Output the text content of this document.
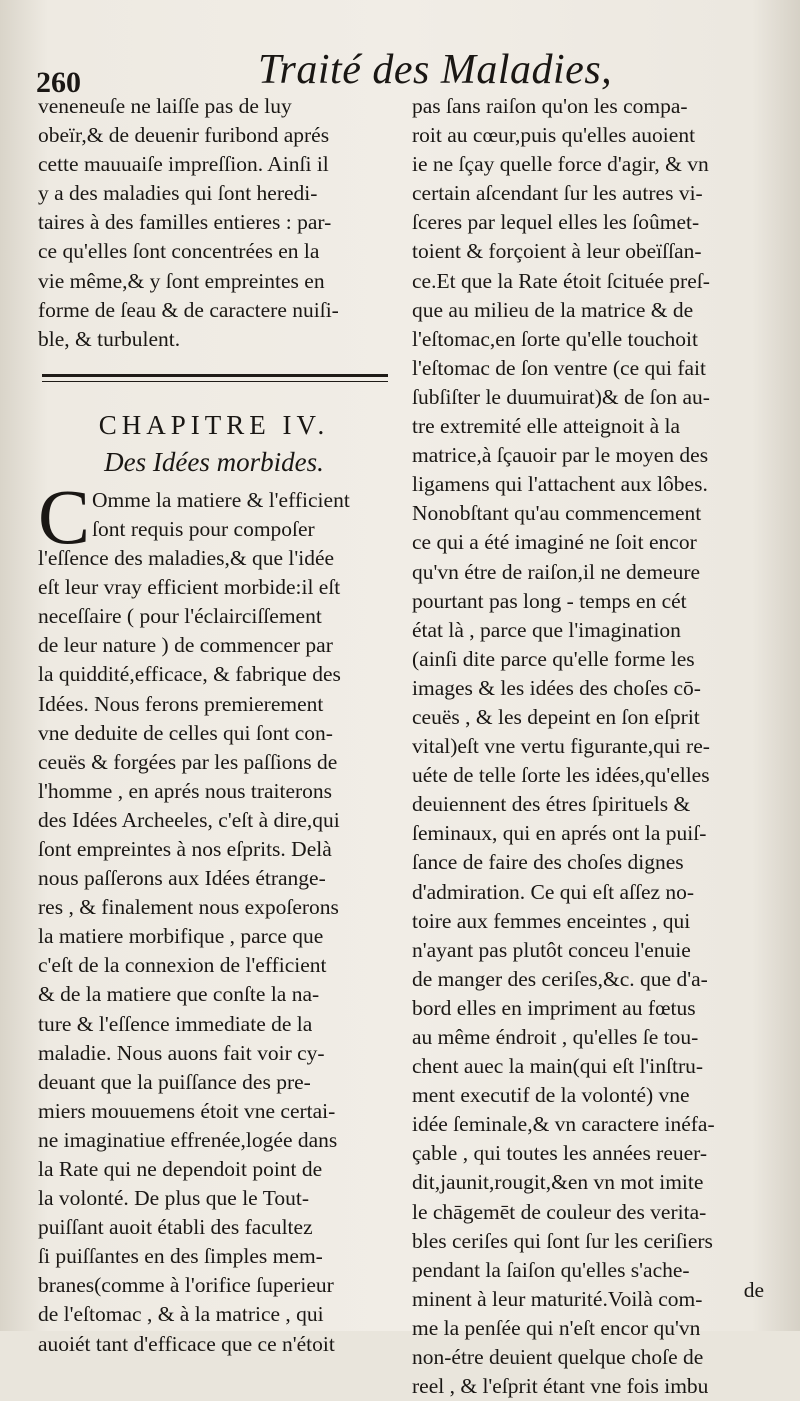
260	Traité des Maladies,
veneneuſe ne laiſſe pas de luy
obeïr,& de deuenir furibond aprés
cette mauuaiſe impreſſion. Ainſi il
y a des maladies qui ſont heredi-
taires à des familles entieres : par-
ce qu'elles ſont concentrées en la
vie même,& y ſont empreintes en
forme de ſeau & de caractere nuiſi-
ble, & turbulent.
CHAPITRE IV.
Des Idées morbides.
C Omme la matiere & l'efficient
ſont requis pour compoſer
l'eſſence des maladies,& que l'idée
eſt leur vray efficient morbide:il eſt
neceſſaire ( pour l'éclairciſſement
de leur nature ) de commencer par
la quiddité,efficace, & fabrique des
Idées. Nous ferons premierement
vne deduite de celles qui ſont con-
ceuës & forgées par les paſſions de
l'homme , en aprés nous traiterons
des Idées Archeeles, c'eſt à dire,qui
ſont empreintes à nos eſprits. Delà
nous paſſerons aux Idées étrange-
res , & finalement nous expoſerons
la matiere morbifique , parce que
c'eſt de la connexion de l'efficient
& de la matiere que conſte la na-
ture & l'eſſence immediate de la
maladie. Nous auons fait voir cy-
deuant que la puiſſance des pre-
miers mouuemens étoit vne certai-
ne imaginatiue effrenée,logée dans
la Rate qui ne dependoit point de
la volonté. De plus que le Tout-
puiſſant auoit établi des facultez
ſi puiſſantes en des ſimples mem-
branes(comme à l'orifice ſuperieur
de l'eſtomac , & à la matrice , qui
auoiét tant d'efficace que ce n'étoit
pas ſans raiſon qu'on les compa-
roit au cœur,puis qu'elles auoient
ie ne ſçay quelle force d'agir, & vn
certain aſcendant ſur les autres vi-
ſceres par lequel elles les ſoûmet-
toient & forçoient à leur obeïſſan-
ce.Et que la Rate étoit ſcituée preſ-
que au milieu de la matrice & de
l'eſtomac,en ſorte qu'elle touchoit
l'eſtomac de ſon ventre (ce qui fait
ſubſiſter le duumuirat)& de ſon au-
tre extremité elle atteignoit à la
matrice,à ſçauoir par le moyen des
ligamens qui l'attachent aux lôbes.
Nonobſtant qu'au commencement
ce qui a été imaginé ne ſoit encor
qu'vn étre de raiſon,il ne demeure
pourtant pas long - temps en cét
état là , parce que l'imagination
(ainſi dite parce qu'elle forme les
images & les idées des choſes cō-
ceuës , & les depeint en ſon eſprit
vital)eſt vne vertu figurante,qui re-
uéte de telle ſorte les idées,qu'elles
deuiennent des étres ſpirituels &
ſeminaux, qui en aprés ont la puiſ-
ſance de faire des choſes dignes
d'admiration. Ce qui eſt aſſez no-
toire aux femmes enceintes , qui
n'ayant pas plutôt conceu l'enuie
de manger des ceriſes,&c. que d'a-
bord elles en impriment au fœtus
au même éndroit , qu'elles ſe tou-
chent auec la main(qui eſt l'inſtru-
ment executif de la volonté) vne
idée ſeminale,& vn caractere inéfa-
çable , qui toutes les années reuer-
dit,jaunit,rougit,&en vn mot imite
le chāgemēt de couleur des verita-
bles ceriſes qui ſont ſur les ceriſiers
pendant la ſaiſon qu'elles s'ache-
minent à leur maturité.Voilà com-
me la penſée qui n'eſt encor qu'vn
non-étre deuient quelque choſe de
reel , & l'eſprit étant vne fois imbu
de
